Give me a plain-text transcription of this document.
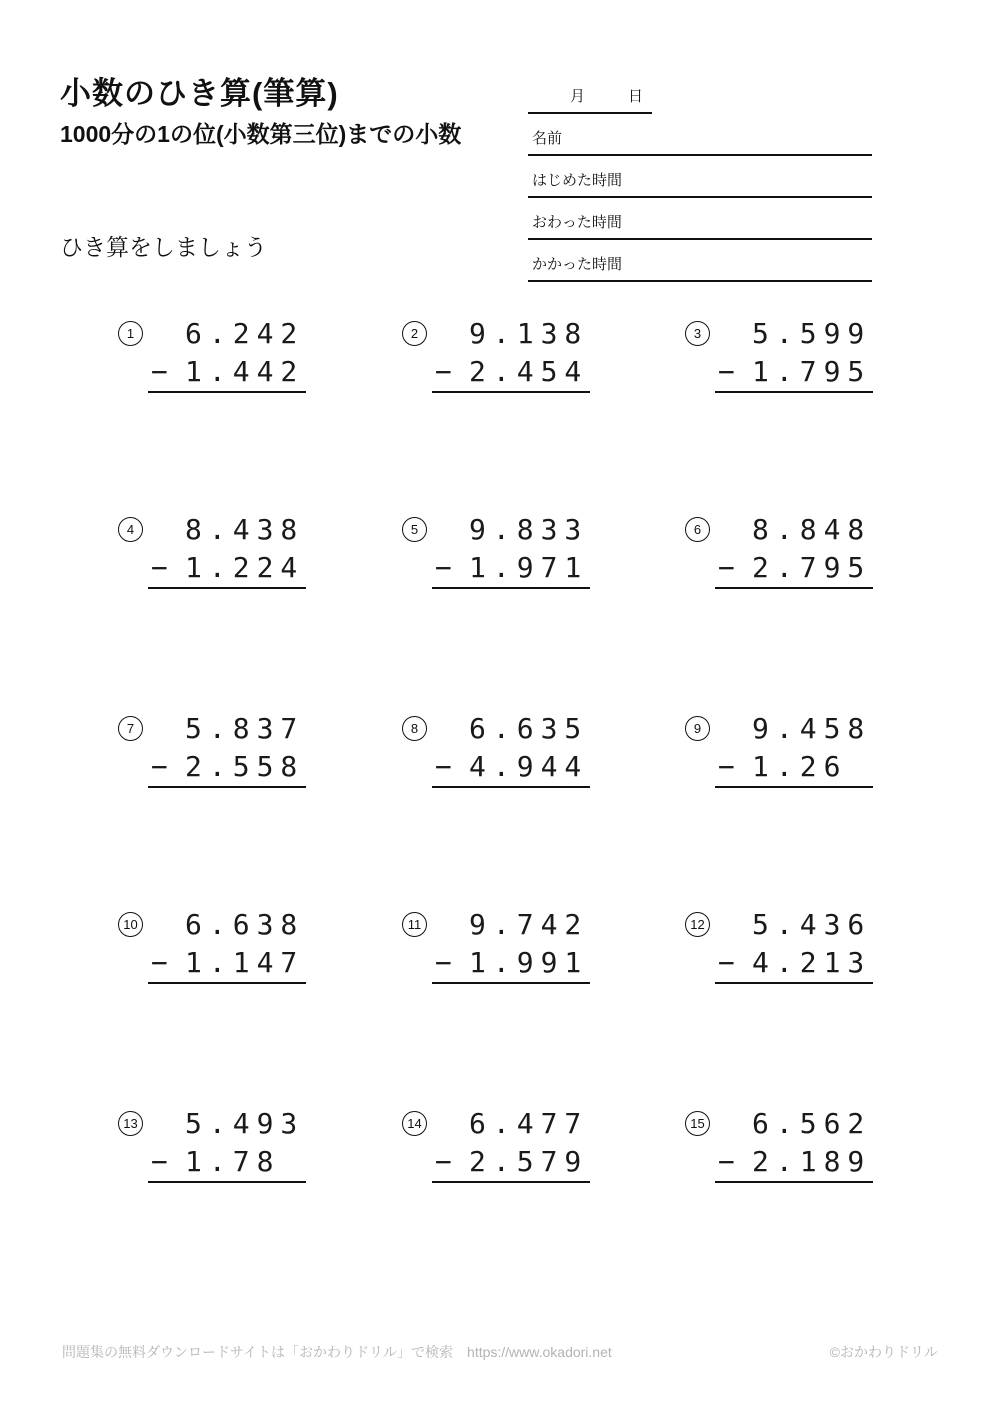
小数のひき算(筆算)
1000分の1の位(小数第三位)までの小数
ひき算をしましょう
月	日
名前
はじめた時間
おわった時間
かかった時間
1	6.242
− 1.442
2	9.138
− 2.454
3	5.599
− 1.795
4	8.438
− 1.224
5	9.833
− 1.971
6	8.848
− 2.795
7	5.837
− 2.558
8	6.635
− 4.944
9	9.458
− 1.26
10 6.638
− 1.147
11 9.742
− 1.991
12 5.436
− 4.213
13 5.493
− 1.78
14 6.477
− 2.579
15 6.562
− 2.189
問題集の無料ダウンロードサイトは「おかわりドリル」で検索 https://www.okadori.net	©おかわりドリル
